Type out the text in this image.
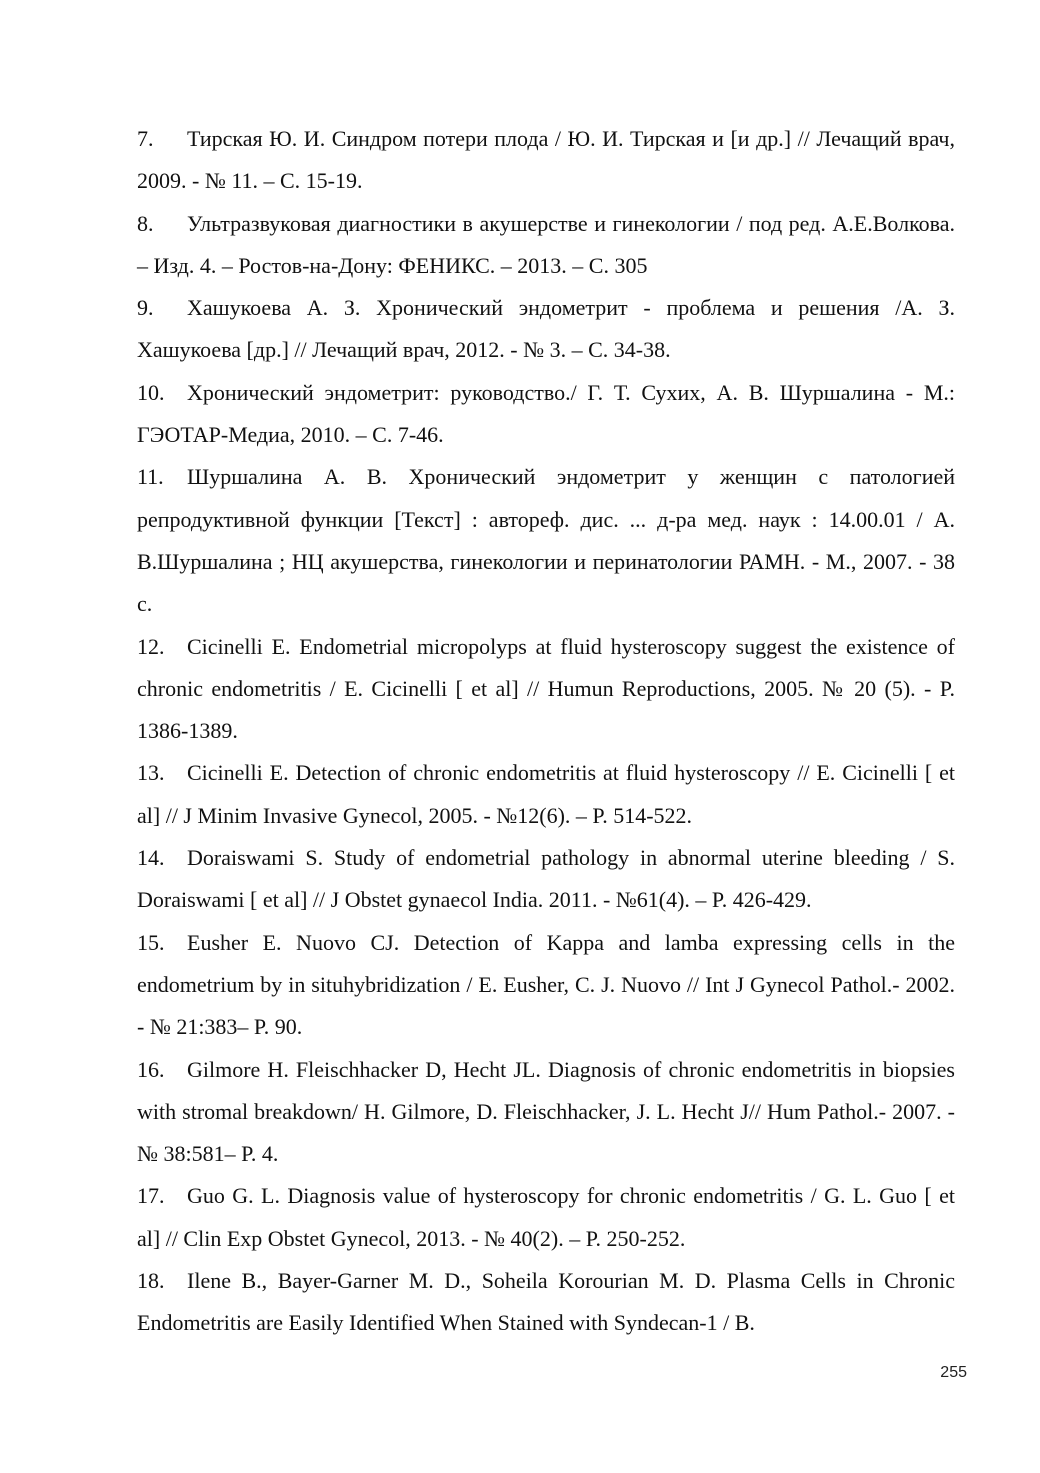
7. Тирская Ю. И. Синдром потери плода / Ю. И. Тирская и [и др.] // Лечащий врач, 2009. - № 11. – С. 15-19.

8. Ультразвуковая диагностики в акушерстве и гинекологии / под ред. А.Е.Волкова. – Изд. 4. – Ростов-на-Дону: ФЕНИКС. – 2013. – С. 305

9. Хашукоева А. З. Хронический эндометрит - проблема и решения /А. З. Хашукоева [др.] // Лечащий врач, 2012. - № 3. – С. 34-38.

10. Хронический эндометрит: руководство./ Г. Т. Сухих, А. В. Шуршалина - М.: ГЭОТАР-Медиа, 2010. – С. 7-46.

11. Шуршалина А. В. Хронический эндометрит у женщин с патологией репродуктивной функции [Текст] : автореф. дис. ... д-ра мед. наук : 14.00.01 / А. В.Шуршалина ; НЦ акушерства, гинекологии и перинатологии РАМН. - М., 2007. - 38 с.

12. Cicinelli E. Endometrial micropolyps at fluid hysteroscopy suggest the existence of chronic endometritis / E. Cicinelli [ et al] // Humun Reproductions, 2005. № 20 (5). - P. 1386-1389.

13. Cicinelli E. Detection of chronic endometritis at fluid hysteroscopy // E. Cicinelli [ et al] // J Minim Invasive Gynecol, 2005. - №12(6). – P. 514-522.

14. Doraiswami S. Study of endometrial pathology in abnormal uterine bleeding / S. Doraiswami [ et al] // J Obstet gynaecol India. 2011. - №61(4). – P. 426-429.

15. Eusher E. Nuovo CJ. Detection of Kappa and lamba expressing cells in the endometrium by in situhybridization / E. Eusher, C. J. Nuovo // Int J Gynecol Pathol.- 2002. - № 21:383– P. 90.

16. Gilmore H. Fleischhacker D, Hecht JL. Diagnosis of chronic endometritis in biopsies with stromal breakdown/ H. Gilmore, D. Fleischhacker, J. L. Hecht J// Hum Pathol.- 2007. - № 38:581– P. 4.

17. Guo G. L. Diagnosis value of hysteroscopy for chronic endometritis / G. L. Guo [ et al] // Clin Exp Obstet Gynecol, 2013. - № 40(2). – P. 250-252.

18. Ilene B., Bayer-Garner M. D., Soheila Korourian M. D. Plasma Cells in Chronic Endometritis are Easily Identified When Stained with Syndecan-1 / B.

255
